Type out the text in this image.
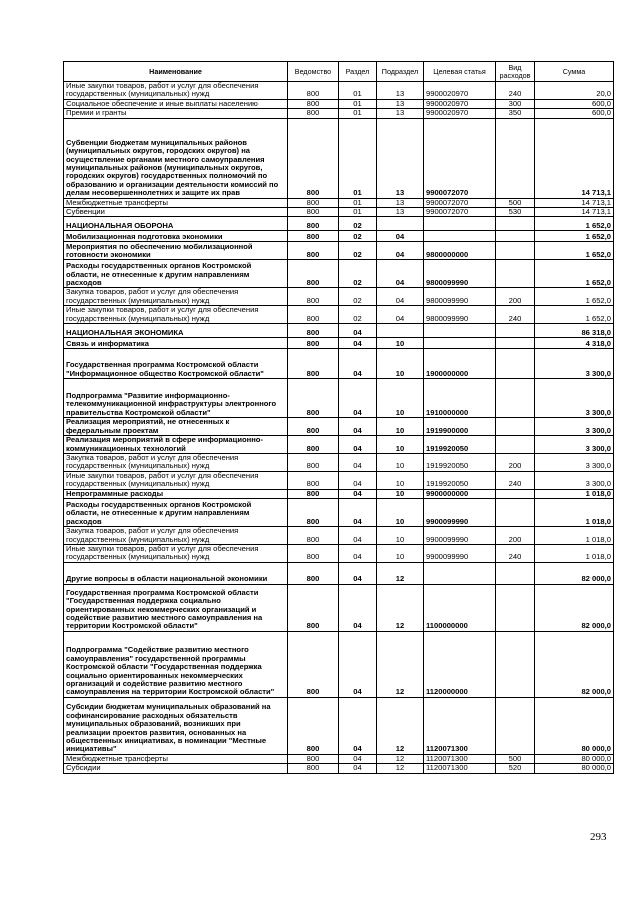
Наименование	Ведомство	Раздел	Подраздел	Целевая статья	Вид расходов	Сумма
Иные закупки товаров, работ и услуг для обеспечения государственных (муниципальных) нужд	800	01	13	9900020970	240	20,0
Социальное обеспечение и иные выплаты населению	800	01	13	9900020970	300	600,0
Премии и гранты	800	01	13	9900020970	350	600,0
Субвенции бюджетам муниципальных районов (муниципальных округов, городских округов) на осуществление органами местного самоуправления муниципальных районов (муниципальных округов, городских округов) государственных полномочий по образованию и организации деятельности комиссий по делам несовершеннолетних и защите их прав	800	01	13	9900072070		14 713,1
Межбюджетные трансферты	800	01	13	9900072070	500	14 713,1
Субвенции	800	01	13	9900072070	530	14 713,1
НАЦИОНАЛЬНАЯ ОБОРОНА	800	02				1 652,0
Мобилизационная подготовка экономики	800	02	04			1 652,0
Мероприятия по обеспечению мобилизационной готовности экономики	800	02	04	9800000000		1 652,0
Расходы государственных органов Костромской области, не отнесенные к другим направлениям расходов	800	02	04	9800099990		1 652,0
Закупка товаров, работ и услуг для обеспечения государственных (муниципальных) нужд	800	02	04	9800099990	200	1 652,0
Иные закупки товаров, работ и услуг для обеспечения государственных (муниципальных) нужд	800	02	04	9800099990	240	1 652,0
НАЦИОНАЛЬНАЯ ЭКОНОМИКА	800	04				86 318,0
Связь и информатика	800	04	10			4 318,0
Государственная программа Костромской области "Информационное общество Костромской области"	800	04	10	1900000000		3 300,0
Подпрограмма "Развитие информационно-телекоммуникационной инфраструктуры электронного правительства Костромской области"	800	04	10	1910000000		3 300,0
Реализация мероприятий, не отнесенных к федеральным проектам	800	04	10	1919900000		3 300,0
Реализация мероприятий в сфере информационно-коммуникационных технологий	800	04	10	1919920050		3 300,0
Закупка товаров, работ и услуг для обеспечения государственных (муниципальных) нужд	800	04	10	1919920050	200	3 300,0
Иные закупки товаров, работ и услуг для обеспечения государственных (муниципальных) нужд	800	04	10	1919920050	240	3 300,0
Непрограммные расходы	800	04	10	9900000000		1 018,0
Расходы государственных органов Костромской области, не отнесенные к другим направлениям расходов	800	04	10	9900099990		1 018,0
Закупка товаров, работ и услуг для обеспечения государственных (муниципальных) нужд	800	04	10	9900099990	200	1 018,0
Иные закупки товаров, работ и услуг для обеспечения государственных (муниципальных) нужд	800	04	10	9900099990	240	1 018,0
Другие вопросы в области национальной экономики	800	04	12			82 000,0
Государственная программа Костромской области "Государственная поддержка социально ориентированных некоммерческих организаций и содействие развитию местного самоуправления на территории Костромской области"	800	04	12	1100000000		82 000,0
Подпрограмма "Содействие развитию местного самоуправления" государственной программы Костромской области "Государственная поддержка социально ориентированных некоммерческих организаций и содействие развитию местного самоуправления на территории Костромской области"	800	04	12	1120000000		82 000,0
Субсидии бюджетам муниципальных образований на софинансирование расходных обязательств муниципальных образований, возникших при реализации проектов развития, основанных на общественных инициативах, в номинации "Местные инициативы"	800	04	12	1120071300		80 000,0
Межбюджетные трансферты	800	04	12	1120071300	500	80 000,0
Субсидии	800	04	12	1120071300	520	80 000,0
293
